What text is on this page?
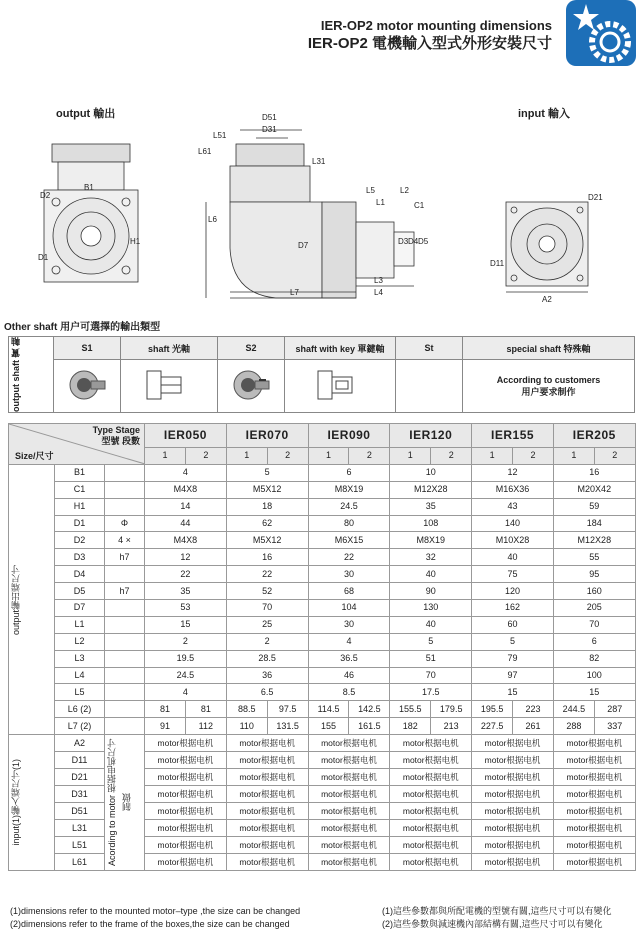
IER-OP2 motor mounting dimensions
IER-OP2 電機輸入型式外形安裝尺寸
output 輸出	input 輸入
D51
D31
L51
L61
L31
L6
D7
L7
L5	L2
L1	C1
D3 D4 D5
L3
L4
B1
D2
H1
D1
D21
D11
A2
Other shaft 用户可選擇的輸出類型
output shaft 實 軸	S1	shaft 光軸	S2	shaft with key 單鍵軸	St	special shaft 特殊軸
					According to customers
用户要求制作
Type Stage
型號 段數
Size/尺寸			IER050		IER070		IER090		IER120		IER155		IER205	
			1	2	1	2	1	2	1	2	1	2	1	2

output輸出端尺寸	B1		4		5		6		10		12		16	
	C1		M4X8		M5X12		M8X19		M12X28		M16X36		M20X42	
	H1		14		18		24.5		35		43		59	
	D1	Φ	44		62		80		108		140		184	
	D2	4 ×	M4X8		M5X12		M6X15		M8X19		M10X28		M12X28	
	D3	h7	12		16		22		32		40		55	
	D4		22		22		30		40		75		95	
	D5	h7	35		52		68		90		120		160	
	D7		53		70		104		130		162		205	
	L1		15		25		30		40		60		70	
	L2		2		2		4		5		5		6	
	L3		19.5		28.5		36.5		51		79		82	
	L4		24.5		36		46		70		97		100	
	L5		4		6.5		8.5		17.5		15		15	
	L6 (2)		81	81	88.5	97.5	114.5	142.5	155.5	179.5	195.5	223	244.5	287
	L7 (2)		91	112	110	131.5	155	161.5	182	213	227.5	261	288	337

input(1)輸入端尺寸(1)	A2	Acording to motor 根据电机尺寸制做	motor根据电机		motor根据电机		motor根据电机		motor根据电机		motor根据电机		motor根据电机	
	D11		motor根据电机		motor根据电机		motor根据电机		motor根据电机		motor根据电机		motor根据电机	
	D21		motor根据电机		motor根据电机		motor根据电机		motor根据电机		motor根据电机		motor根据电机	
	D31		motor根据电机		motor根据电机		motor根据电机		motor根据电机		motor根据电机		motor根据电机	
	D51		motor根据电机		motor根据电机		motor根据电机		motor根据电机		motor根据电机		motor根据电机	
	L31		motor根据电机		motor根据电机		motor根据电机		motor根据电机		motor根据电机		motor根据电机	
	L51		motor根据电机		motor根据电机		motor根据电机		motor根据电机		motor根据电机		motor根据电机	
	L61		motor根据电机		motor根据电机		motor根据电机		motor根据电机		motor根据电机		motor根据电机	
(1)dimensions refer to the mounted motor–type ,the size can be changed
(2)dimensions refer to the frame of the boxes,the size can be changed
(1)這些參數都與所配電機的型號有關,這些尺寸可以有變化
(2)這些參數與減速機內部結構有關,這些尺寸可以有變化
